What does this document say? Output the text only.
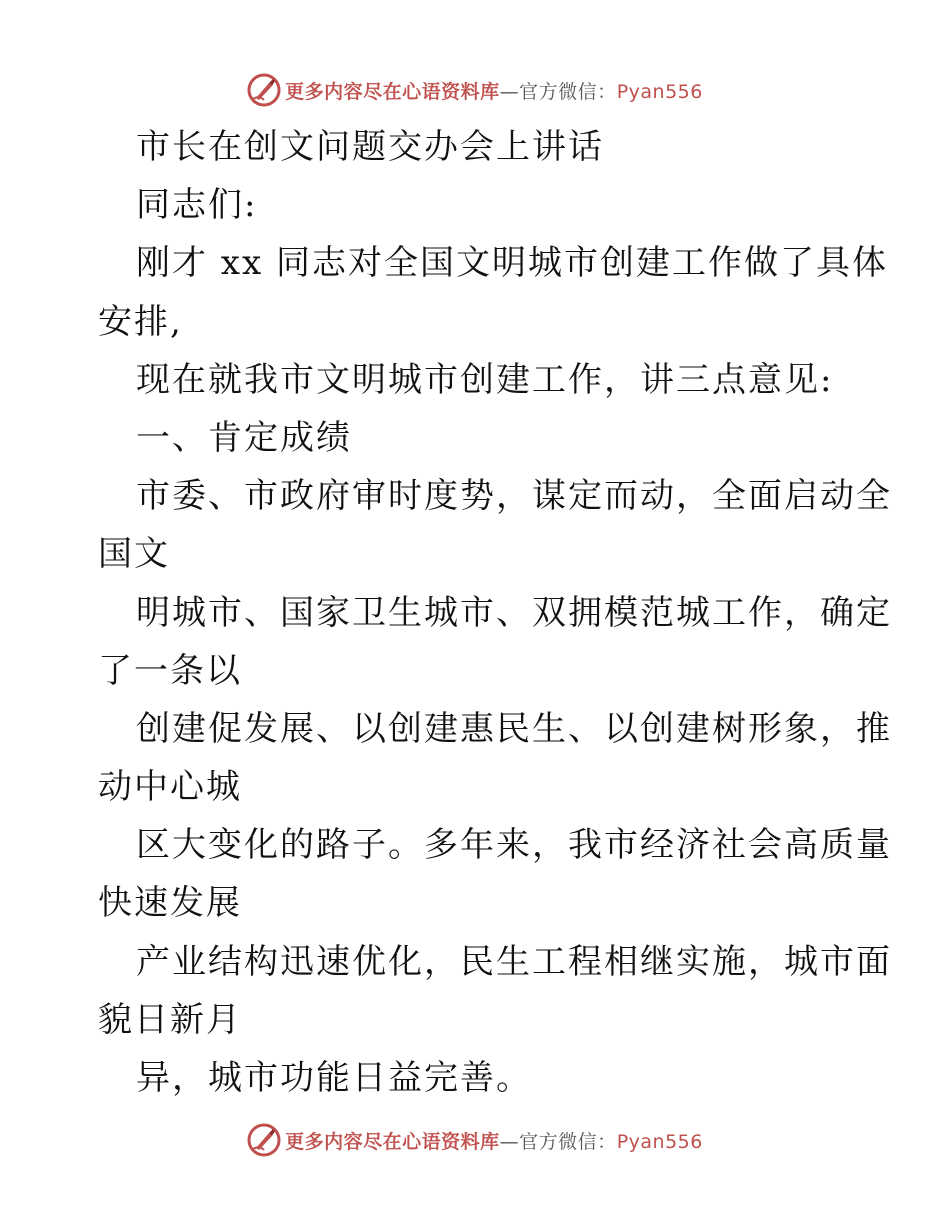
更多内容尽在心语资料库—官方微信：Pyan556
市长在创文问题交办会上讲话
同志们:
刚才 xx 同志对全国文明城市创建工作做了具体
安排,
现在就我市文明城市创建工作，讲三点意见:
一、肯定成绩
市委、市政府审时度势，谋定而动，全面启动全
国文
明城市、国家卫生城市、双拥模范城工作，确定
了一条以
创建促发展、以创建惠民生、以创建树形象，推
动中心城
区大变化的路子。多年来，我市经济社会高质量
快速发展
产业结构迅速优化，民生工程相继实施，城市面
貌日新月
异，城市功能日益完善。
更多内容尽在心语资料库—官方微信：Pyan556
